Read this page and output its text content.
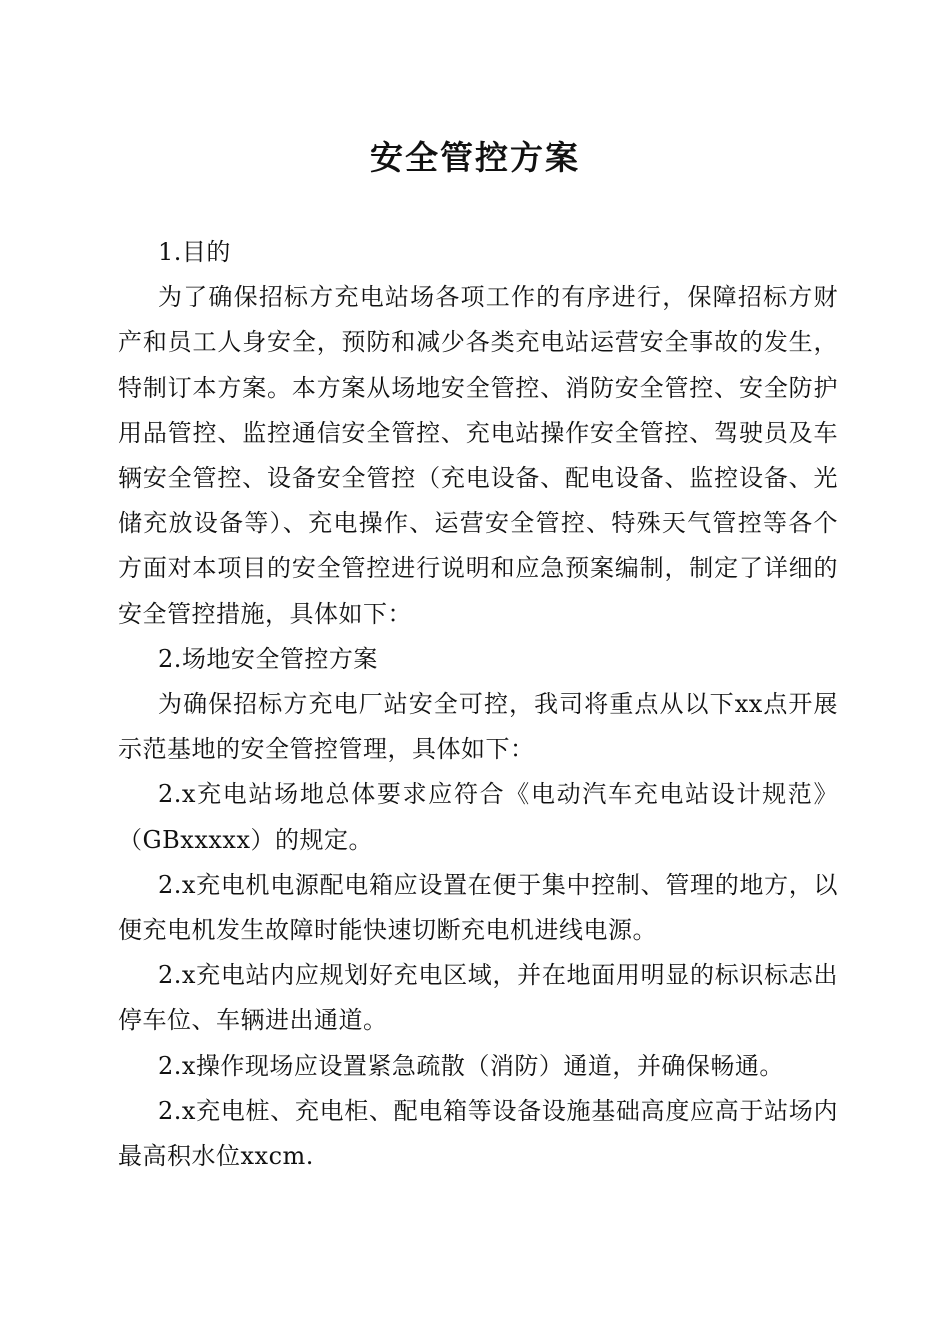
安全管控方案

1.目的

为了确保招标方充电站场各项工作的有序进行，保障招标方财产和员工人身安全，预防和减少各类充电站运营安全事故的发生，特制订本方案。本方案从场地安全管控、消防安全管控、安全防护用品管控、监控通信安全管控、充电站操作安全管控、驾驶员及车辆安全管控、设备安全管控（充电设备、配电设备、监控设备、光储充放设备等）、充电操作、运营安全管控、特殊天气管控等各个方面对本项目的安全管控进行说明和应急预案编制，制定了详细的安全管控措施，具体如下：

2.场地安全管控方案

为确保招标方充电厂站安全可控，我司将重点从以下xx点开展示范基地的安全管控管理，具体如下：

2.x充电站场地总体要求应符合《电动汽车充电站设计规范》（GBxxxxx）的规定。

2.x充电机电源配电箱应设置在便于集中控制、管理的地方，以便充电机发生故障时能快速切断充电机进线电源。

2.x充电站内应规划好充电区域，并在地面用明显的标识标志出停车位、车辆进出通道。

2.x操作现场应设置紧急疏散（消防）通道，并确保畅通。

2.x充电桩、充电柜、配电箱等设备设施基础高度应高于站场内最高积水位xxcm.
